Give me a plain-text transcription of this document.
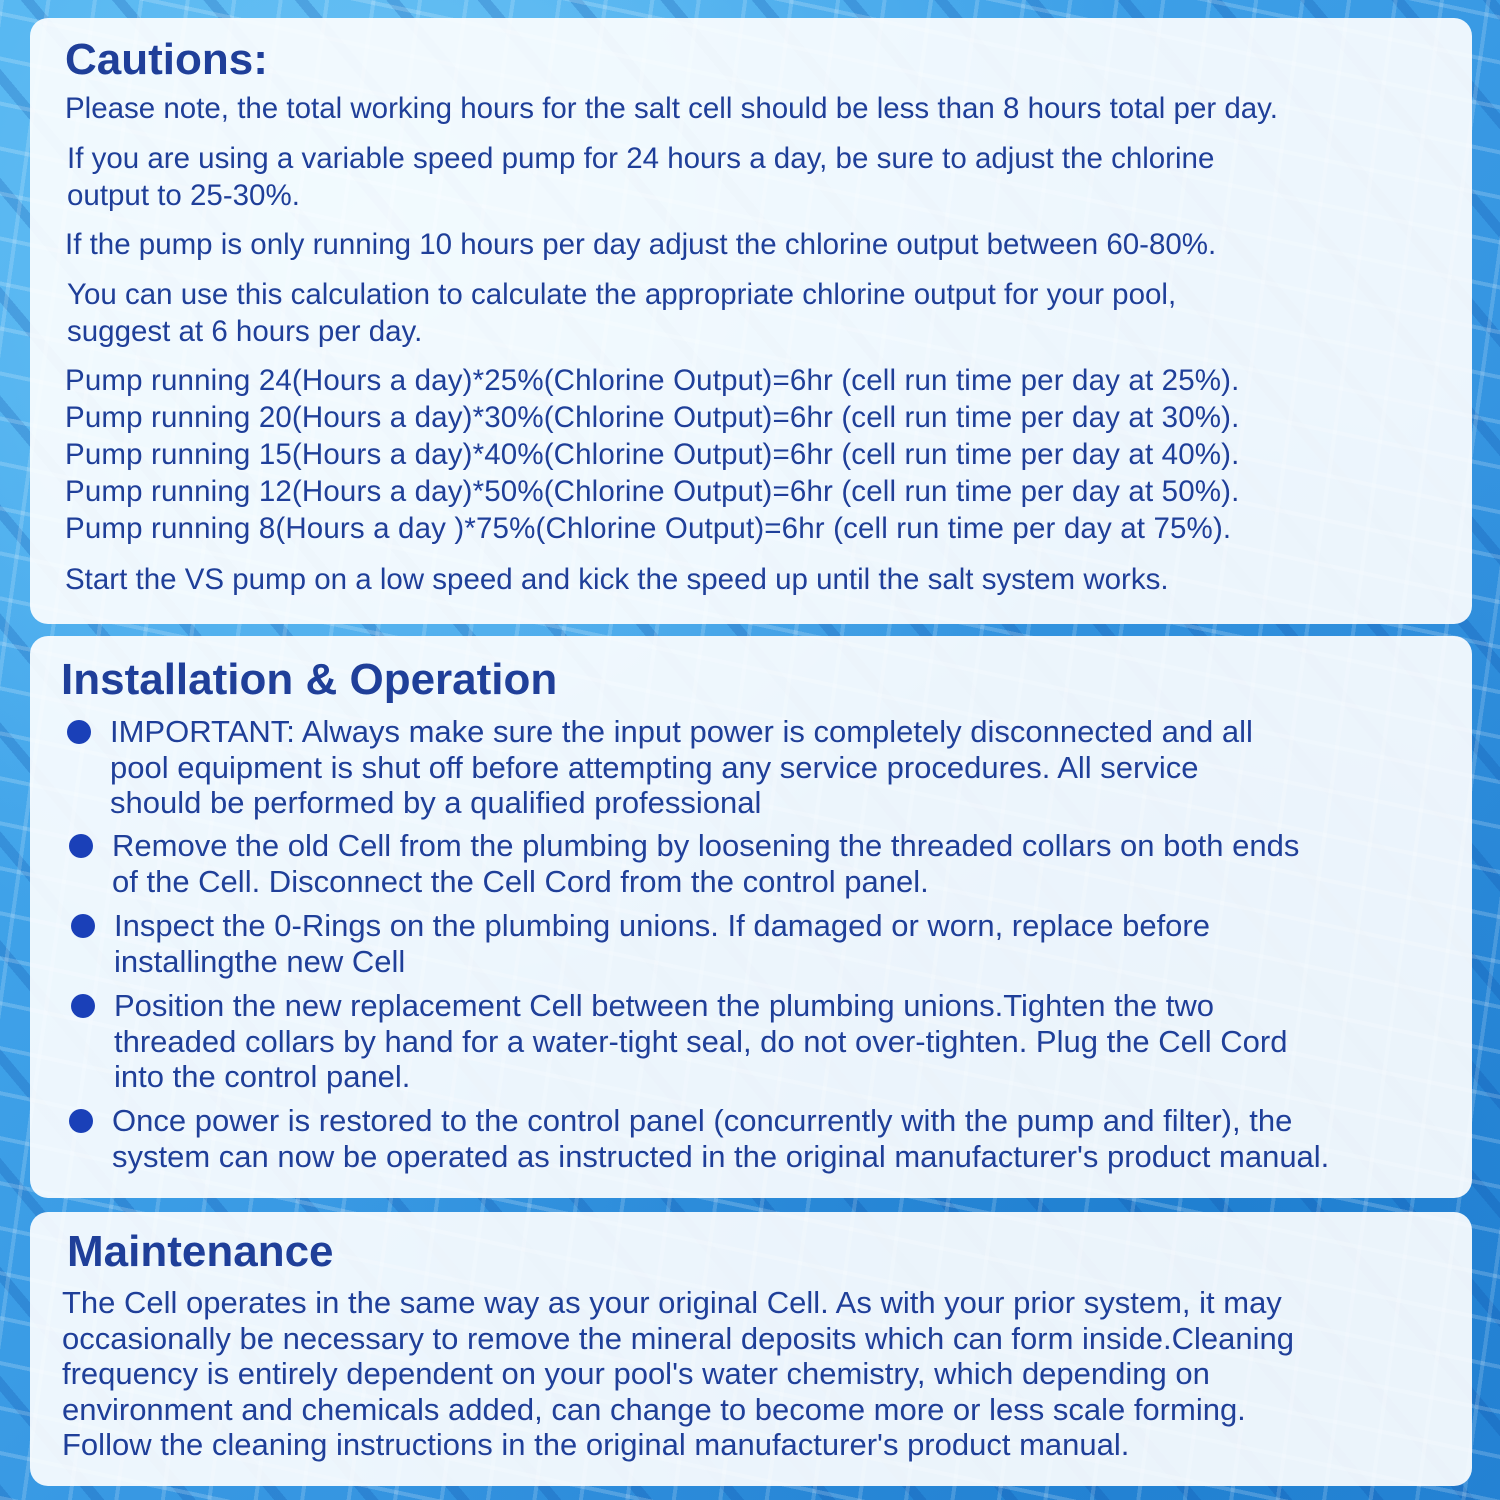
Cautions:
Please note, the total working hours for the salt cell should be less than 8 hours total per day.
If you are using a variable speed pump for 24 hours a day, be sure to adjust the chlorine
output to 25-30%.
If the pump is only running 10 hours per day adjust the chlorine output between 60-80%.
You can use this calculation to calculate the appropriate chlorine output for your pool,
suggest at 6 hours per day.
Pump running 24(Hours a day)*25%(Chlorine Output)=6hr (cell run time per day at 25%).
Pump running 20(Hours a day)*30%(Chlorine Output)=6hr (cell run time per day at 30%).
Pump running 15(Hours a day)*40%(Chlorine Output)=6hr (cell run time per day at 40%).
Pump running 12(Hours a day)*50%(Chlorine Output)=6hr (cell run time per day at 50%).
Pump running 8(Hours a day )*75%(Chlorine Output)=6hr (cell run time per day at 75%).
Start the VS pump on a low speed and kick the speed up until the salt system works.
Installation & Operation
IMPORTANT: Always make sure the input power is completely disconnected and all
pool equipment is shut off before attempting any service procedures. All service
should be performed by a qualified professional
Remove the old Cell from the plumbing by loosening the threaded collars on both ends
of the Cell. Disconnect the Cell Cord from the control panel.
Inspect the 0-Rings on the plumbing unions. If damaged or worn, replace before
installingthe new Cell
Position the new replacement Cell between the plumbing unions.Tighten the two
threaded collars by hand for a water-tight seal, do not over-tighten. Plug the Cell Cord
into the control panel.
Once power is restored to the control panel (concurrently with the pump and filter), the
system can now be operated as instructed in the original manufacturer's product manual.
Maintenance
The Cell operates in the same way as your original Cell. As with your prior system, it may
occasionally be necessary to remove the mineral deposits which can form inside.Cleaning
frequency is entirely dependent on your pool's water chemistry, which depending on
environment and chemicals added, can change to become more or less scale forming.
Follow the cleaning instructions in the original manufacturer's product manual.
